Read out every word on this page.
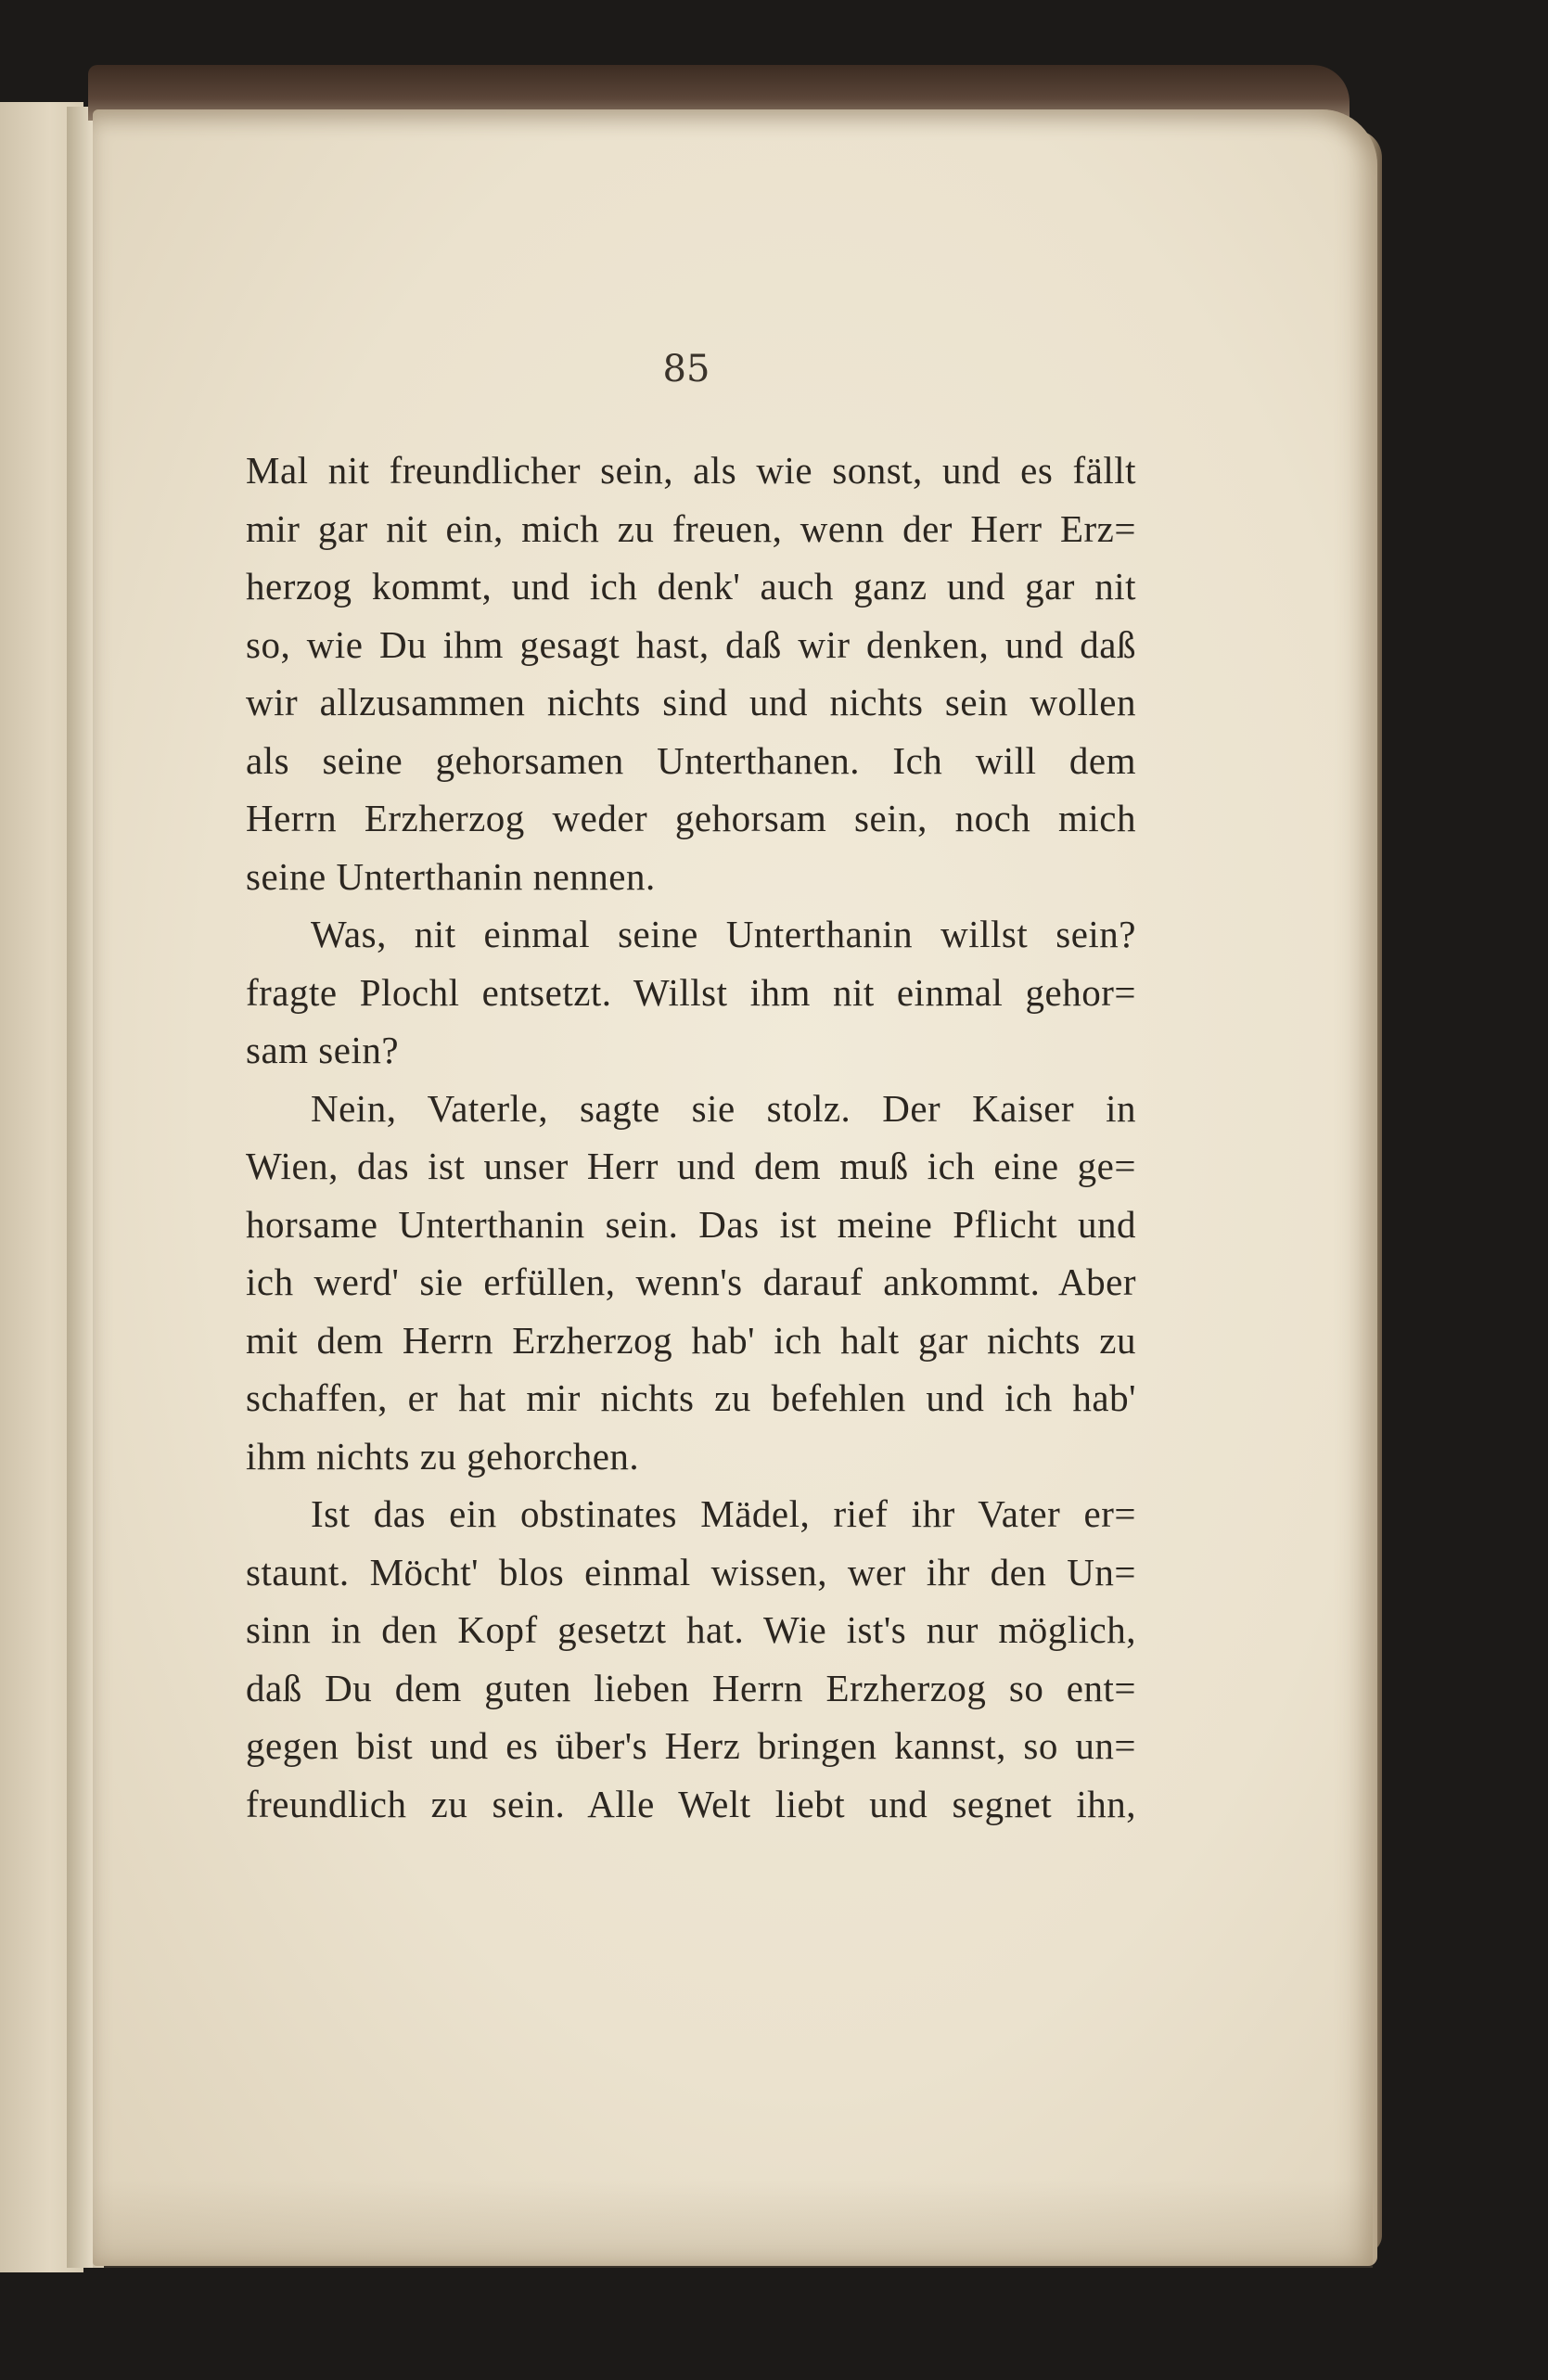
85
Mal nit freundlicher sein, als wie sonst, und es fällt
mir gar nit ein, mich zu freuen, wenn der Herr Erz=
herzog kommt, und ich denk' auch ganz und gar nit
so, wie Du ihm gesagt hast, daß wir denken, und daß
wir allzusammen nichts sind und nichts sein wollen
als seine gehorsamen Unterthanen. Ich will dem
Herrn Erzherzog weder gehorsam sein, noch mich
seine Unterthanin nennen.
Was, nit einmal seine Unterthanin willst sein?
fragte Plochl entsetzt. Willst ihm nit einmal gehor=
sam sein?
Nein, Vaterle, sagte sie stolz. Der Kaiser in
Wien, das ist unser Herr und dem muß ich eine ge=
horsame Unterthanin sein. Das ist meine Pflicht und
ich werd' sie erfüllen, wenn's darauf ankommt. Aber
mit dem Herrn Erzherzog hab' ich halt gar nichts zu
schaffen, er hat mir nichts zu befehlen und ich hab'
ihm nichts zu gehorchen.
Ist das ein obstinates Mädel, rief ihr Vater er=
staunt. Möcht' blos einmal wissen, wer ihr den Un=
sinn in den Kopf gesetzt hat. Wie ist's nur möglich,
daß Du dem guten lieben Herrn Erzherzog so ent=
gegen bist und es über's Herz bringen kannst, so un=
freundlich zu sein. Alle Welt liebt und segnet ihn,
